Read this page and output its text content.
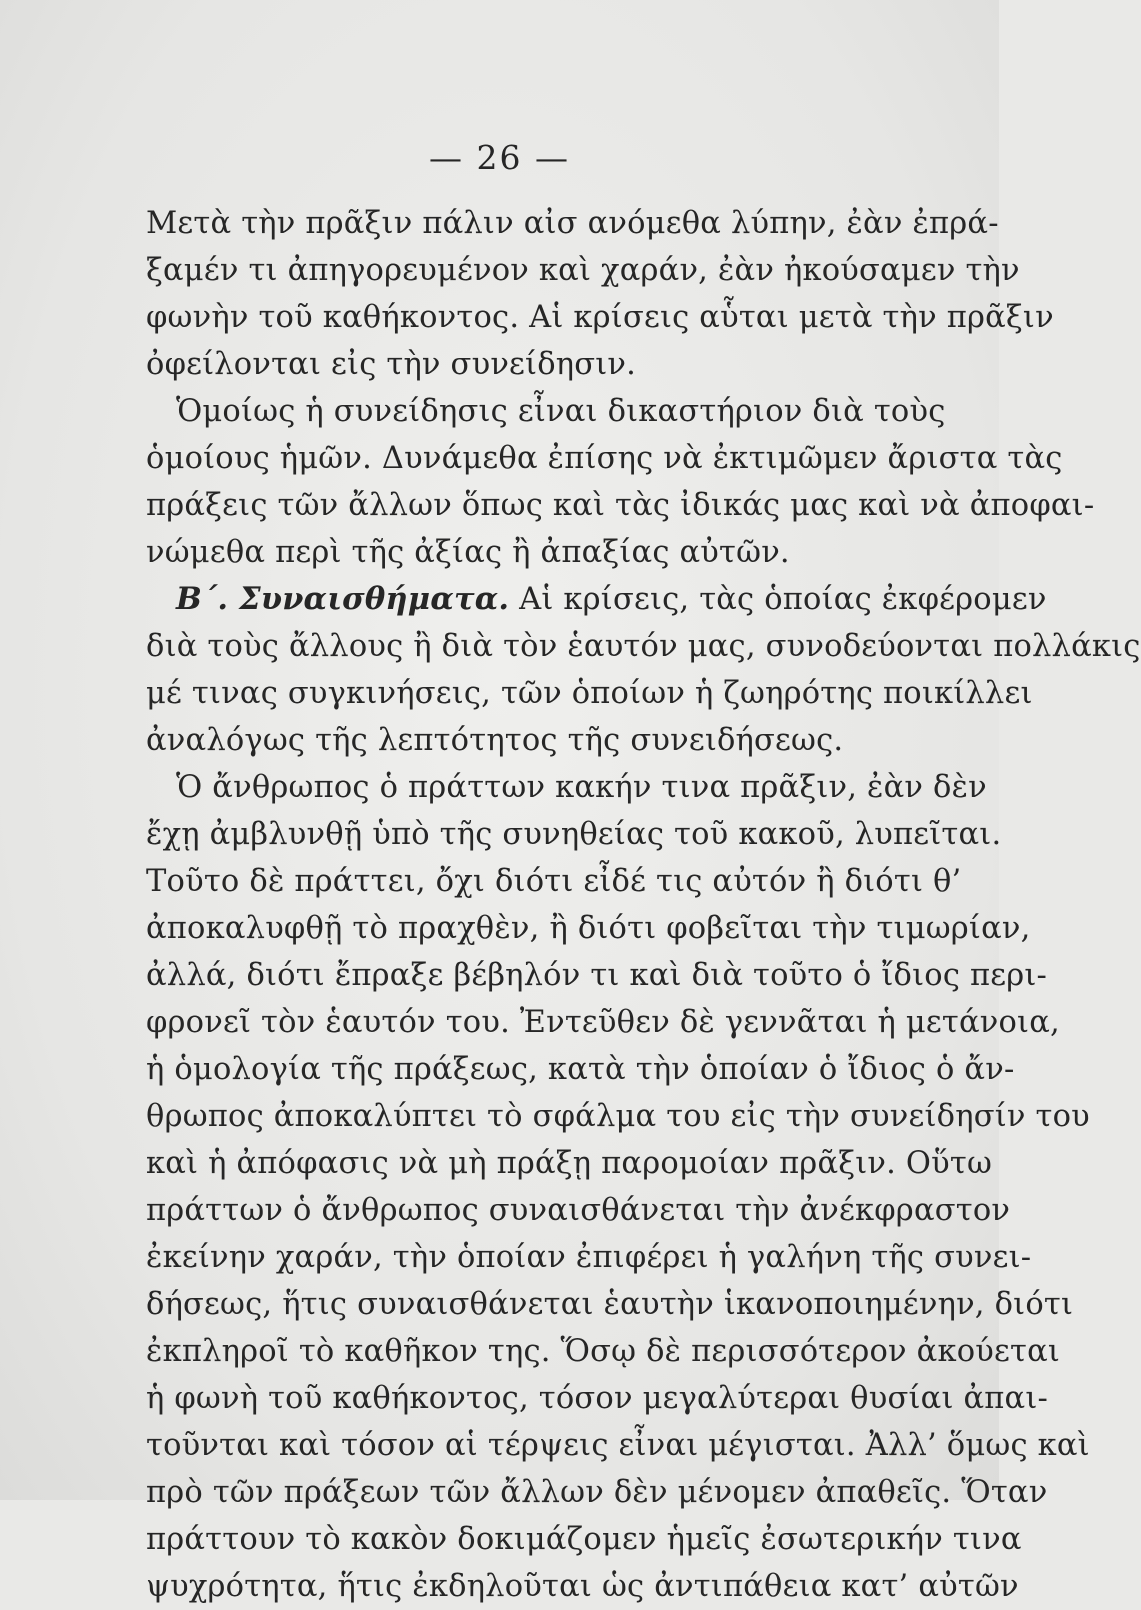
— 26 —
Μετὰ τὴν πρᾶξιν πάλιν αἰσ ανόμεθα λύπην, ἐὰν ἐπρά-
ξαμέν τι ἀπηγορευμένον καὶ χαράν, ἐὰν ἠκούσαμεν τὴν
φωνὴν τοῦ καθήκοντος. Αἱ κρίσεις αὗται μετὰ τὴν πρᾶξιν
ὀφείλονται εἰς τὴν συνείδησιν.
Ὁμοίως ἡ συνείδησις εἶναι δικαστήριον διὰ τοὺς
ὁμοίους ἡμῶν. Δυνάμεθα ἐπίσης νὰ ἐκτιμῶμεν ἄριστα τὰς
πράξεις τῶν ἄλλων ὅπως καὶ τὰς ἰδικάς μας καὶ νὰ ἀποφαι-
νώμεθα περὶ τῆς ἀξίας ἢ ἀπαξίας αὐτῶν.
Β΄. Συναισθήματα. Αἱ κρίσεις, τὰς ὁποίας ἐκφέρομεν
διὰ τοὺς ἄλλους ἢ διὰ τὸν ἑαυτόν μας, συνοδεύονται πολλάκις
μέ τινας συγκινήσεις, τῶν ὁποίων ἡ ζωηρότης ποικίλλει
ἀναλόγως τῆς λεπτότητος τῆς συνειδήσεως.
Ὁ ἄνθρωπος ὁ πράττων κακήν τινα πρᾶξιν, ἐὰν δὲν
ἔχῃ ἀμβλυνθῇ ὑπὸ τῆς συνηθείας τοῦ κακοῦ, λυπεῖται.
Τοῦτο δὲ πράττει, ὄχι διότι εἶδέ τις αὐτόν ἢ διότι θ’
ἀποκαλυφθῇ τὸ πραχθὲν, ἢ διότι φοβεῖται τὴν τιμωρίαν,
ἀλλά, διότι ἔπραξε βέβηλόν τι καὶ διὰ τοῦτο ὁ ἴδιος περι-
φρονεῖ τὸν ἑαυτόν του. Ἐντεῦθεν δὲ γεννᾶται ἡ μετάνοια,
ἡ ὁμολογία τῆς πράξεως, κατὰ τὴν ὁποίαν ὁ ἴδιος ὁ ἄν-
θρωπος ἀποκαλύπτει τὸ σφάλμα του εἰς τὴν συνείδησίν του
καὶ ἡ ἀπόφασις νὰ μὴ πράξῃ παρομοίαν πρᾶξιν. Οὕτω
πράττων ὁ ἄνθρωπος συναισθάνεται τὴν ἀνέκφραστον
ἐκείνην χαράν, τὴν ὁποίαν ἐπιφέρει ἡ γαλήνη τῆς συνει-
δήσεως, ἥτις συναισθάνεται ἑαυτὴν ἱκανοποιημένην, διότι
ἐκπληροῖ τὸ καθῆκον της. Ὅσῳ δὲ περισσότερον ἀκούεται
ἡ φωνὴ τοῦ καθήκοντος, τόσον μεγαλύτεραι θυσίαι ἀπαι-
τοῦνται καὶ τόσον αἱ τέρψεις εἶναι μέγισται. Ἀλλ’ ὅμως καὶ
πρὸ τῶν πράξεων τῶν ἄλλων δὲν μένομεν ἀπαθεῖς. Ὅταν
πράττουν τὸ κακὸν δοκιμάζομεν ἡμεῖς ἐσωτερικήν τινα
ψυχρότητα, ἥτις ἐκδηλοῦται ὡς ἀντιπάθεια κατ’ αὐτῶν
